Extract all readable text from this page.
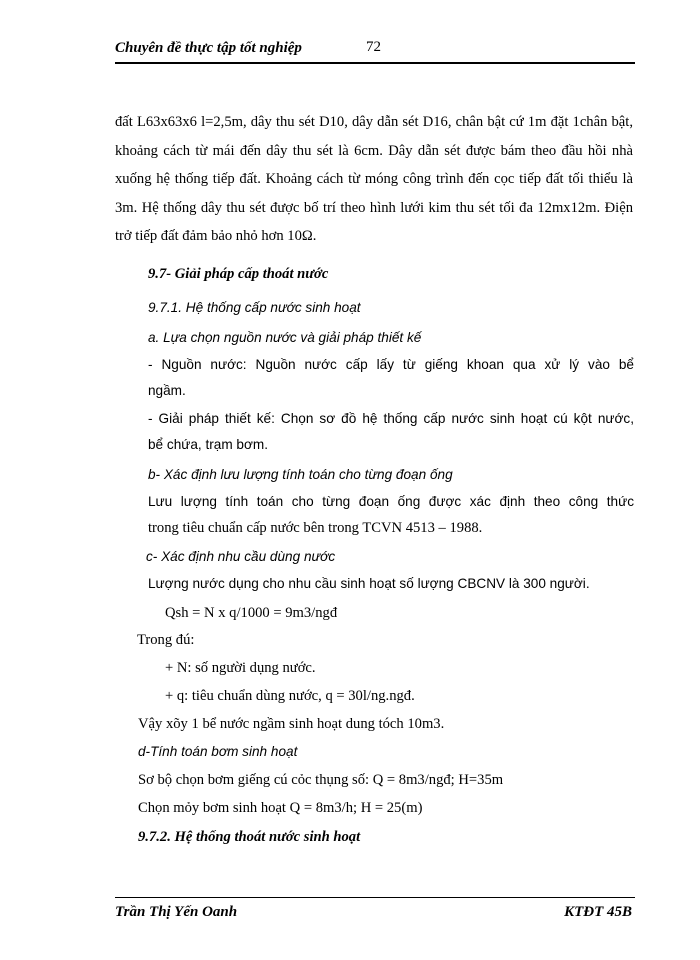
Chuyên đề thực tập tốt nghiệp	72

đất L63x63x6 l=2,5m, dây thu sét D10, dây dẫn sét D16, chân bật cứ 1m đặt 1chân bật, khoảng cách từ mái đến dây thu sét là 6cm. Dây dẫn sét được bám theo đầu hồi nhà xuống hệ thống tiếp đất. Khoảng cách từ móng công trình đến cọc tiếp đất tối thiểu là 3m. Hệ thống dây thu sét được bố trí theo hình lưới kim thu sét tối đa 12mx12m. Điện trở tiếp đất đảm bảo nhỏ hơn 10Ω.

9.7- Giải pháp cấp thoát nước

9.7.1. Hệ thống cấp nước sinh hoạt

a. Lựa chọn nguồn nước và giải pháp thiết kế

- Nguồn nước: Nguồn nước cấp lấy từ giếng khoan qua xử lý vào bể

ngầm.

- Giải pháp thiết kế: Chọn sơ đồ hệ thống cấp nước sinh hoạt cú kột nước,

bể chứa, trạm bơm.

b- Xác định lưu lượng tính toán cho từng đoạn ống

Lưu lượng tính toán cho từng đoạn ống được xác định theo công thức

trong tiêu chuẩn cấp nước bên trong TCVN 4513 – 1988.

c- Xác định nhu cầu dùng nước

Lượng nước dụng cho nhu cầu sinh hoạt số lượng CBCNV là 300 người.

Qsh = N x q/1000 = 9m3/ngđ

Trong đú:

+ N: số người dụng nước.

+ q: tiêu chuẩn dùng nước, q = 30l/ng.ngđ.

Vậy xõy 1 bể nước ngầm sinh hoạt dung tóch 10m3.

d-Tính toán bơm sinh hoạt

Sơ bộ chọn bơm giếng cú cỏc thụng số: Q = 8m3/ngđ; H=35m

Chọn mỏy bơm sinh hoạt Q = 8m3/h; H = 25(m)

9.7.2. Hệ thống thoát nước sinh hoạt

Trần Thị Yến Oanh	KTĐT 45B
